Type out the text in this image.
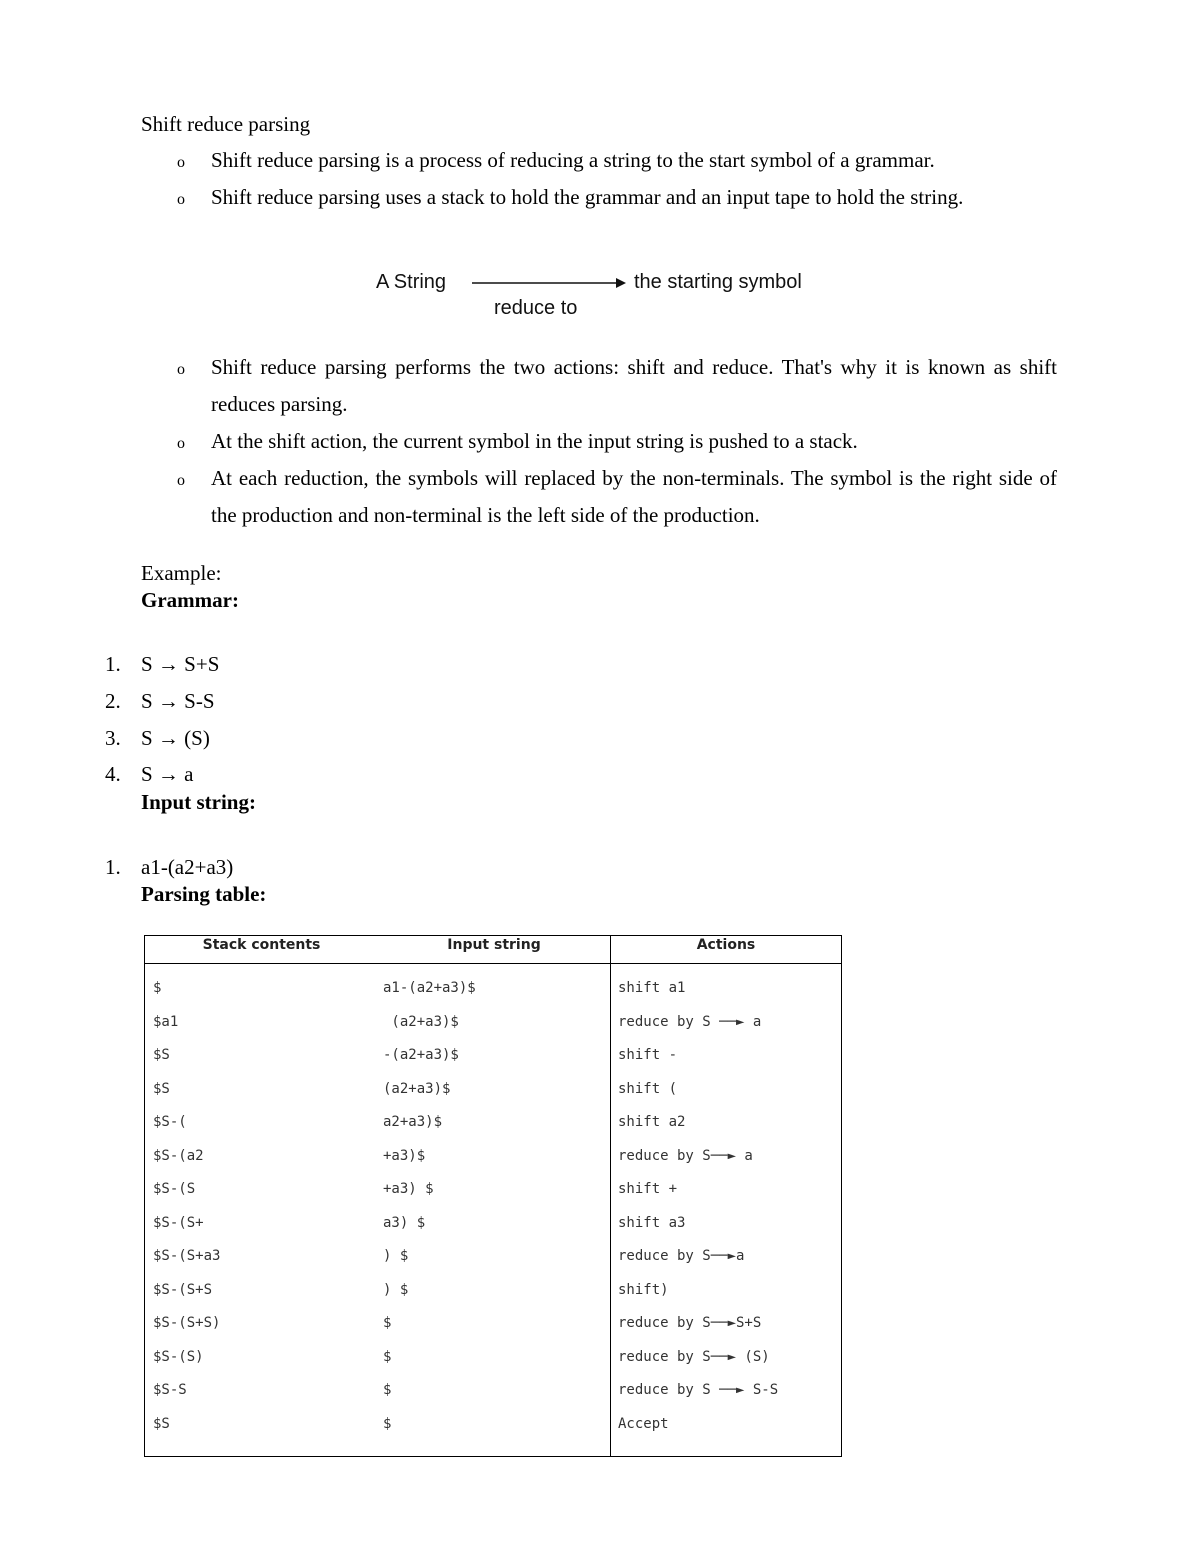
Shift reduce parsing
o Shift reduce parsing is a process of reducing a string to the start symbol of a grammar.
o Shift reduce parsing uses a stack to hold the grammar and an input tape to hold the string.
A String	the starting symbol
reduce to
o Shift reduce parsing performs the two actions: shift and reduce. That's why it is known as shift reduces parsing.
o At the shift action, the current symbol in the input string is pushed to a stack.
o At each reduction, the symbols will replaced by the non-terminals. The symbol is the right side of the production and non-terminal is the left side of the production.
Example:
Grammar:
1. S → S+S
2. S → S-S
3. S → (S)
4. S → a
Input string:
1. a1-(a2+a3)
Parsing table:
Stack contents	Input string	Actions
$	a1-(a2+a3)$	shift a1
$a1	(a2+a3)$	reduce by S ──► a
$S	-(a2+a3)$	shift -
$S	(a2+a3)$	shift (
$S-(	a2+a3)$	shift a2
$S-(a2	+a3)$	reduce by S──► a
$S-(S	+a3) $	shift +
$S-(S+	a3) $	shift a3
$S-(S+a3	) $	reduce by S──►a
$S-(S+S	) $	shift)
$S-(S+S)	$	reduce by S──►S+S
$S-(S)	$	reduce by S──► (S)
$S-S	$	reduce by S ──► S-S
$S	$	Accept
